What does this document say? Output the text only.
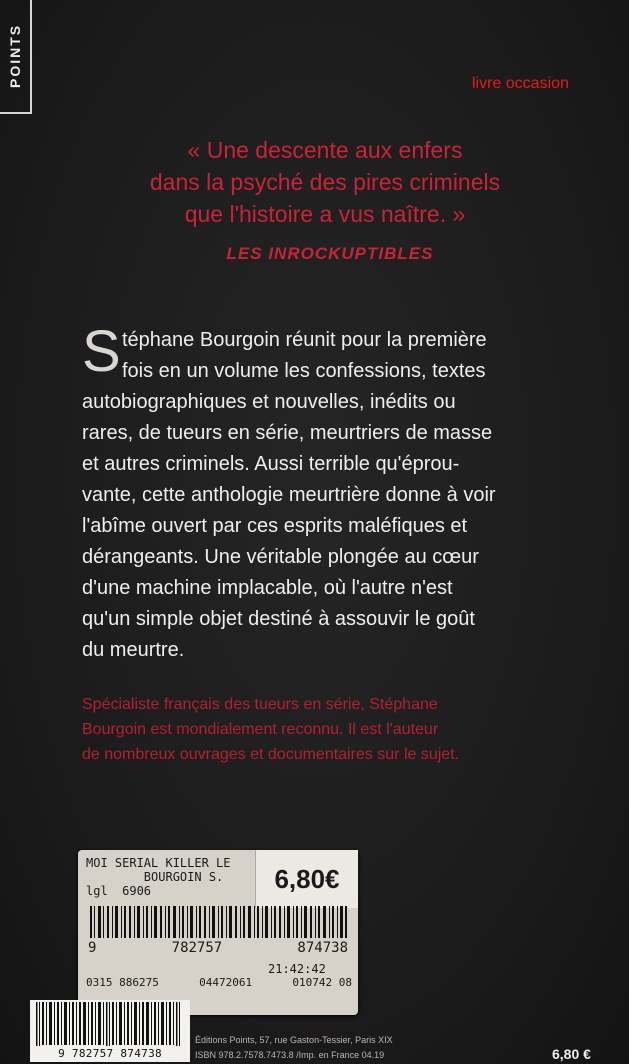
POINTS	livre occasion
« Une descente aux enfers
dans la psyché des pires criminels
que l'histoire a vus naître. »
LES INROCKUPTIBLES
S téphane Bourgoin réunit pour la première
fois en un volume les confessions, textes
autobiographiques et nouvelles, inédits ou
rares, de tueurs en série, meurtriers de masse
et autres criminels. Aussi terrible qu'éprou-
vante, cette anthologie meurtrière donne à voir
l'abîme ouvert par ces esprits maléfiques et
dérangeants. Une véritable plongée au cœur
d'une machine implacable, où l'autre n'est
qu'un simple objet destiné à assouvir le goût
du meurtre.
Spécialiste français des tueurs en série, Stéphane
Bourgoin est mondialement reconnu. Il est l'auteur
de nombreux ouvrages et documentaires sur le sujet.
MOI SERIAL KILLER LE
BOURGOIN S.
lgl  6906	6,80€
9	782757	874738
21:42:42
0315 886275	04472061	010742 08
9 782757 874738
Éditions Points, 57, rue Gaston-Tessier, Paris XIX
ISBN 978.2.7578.7473.8 /Imp. en France 04.19	6,80 €
